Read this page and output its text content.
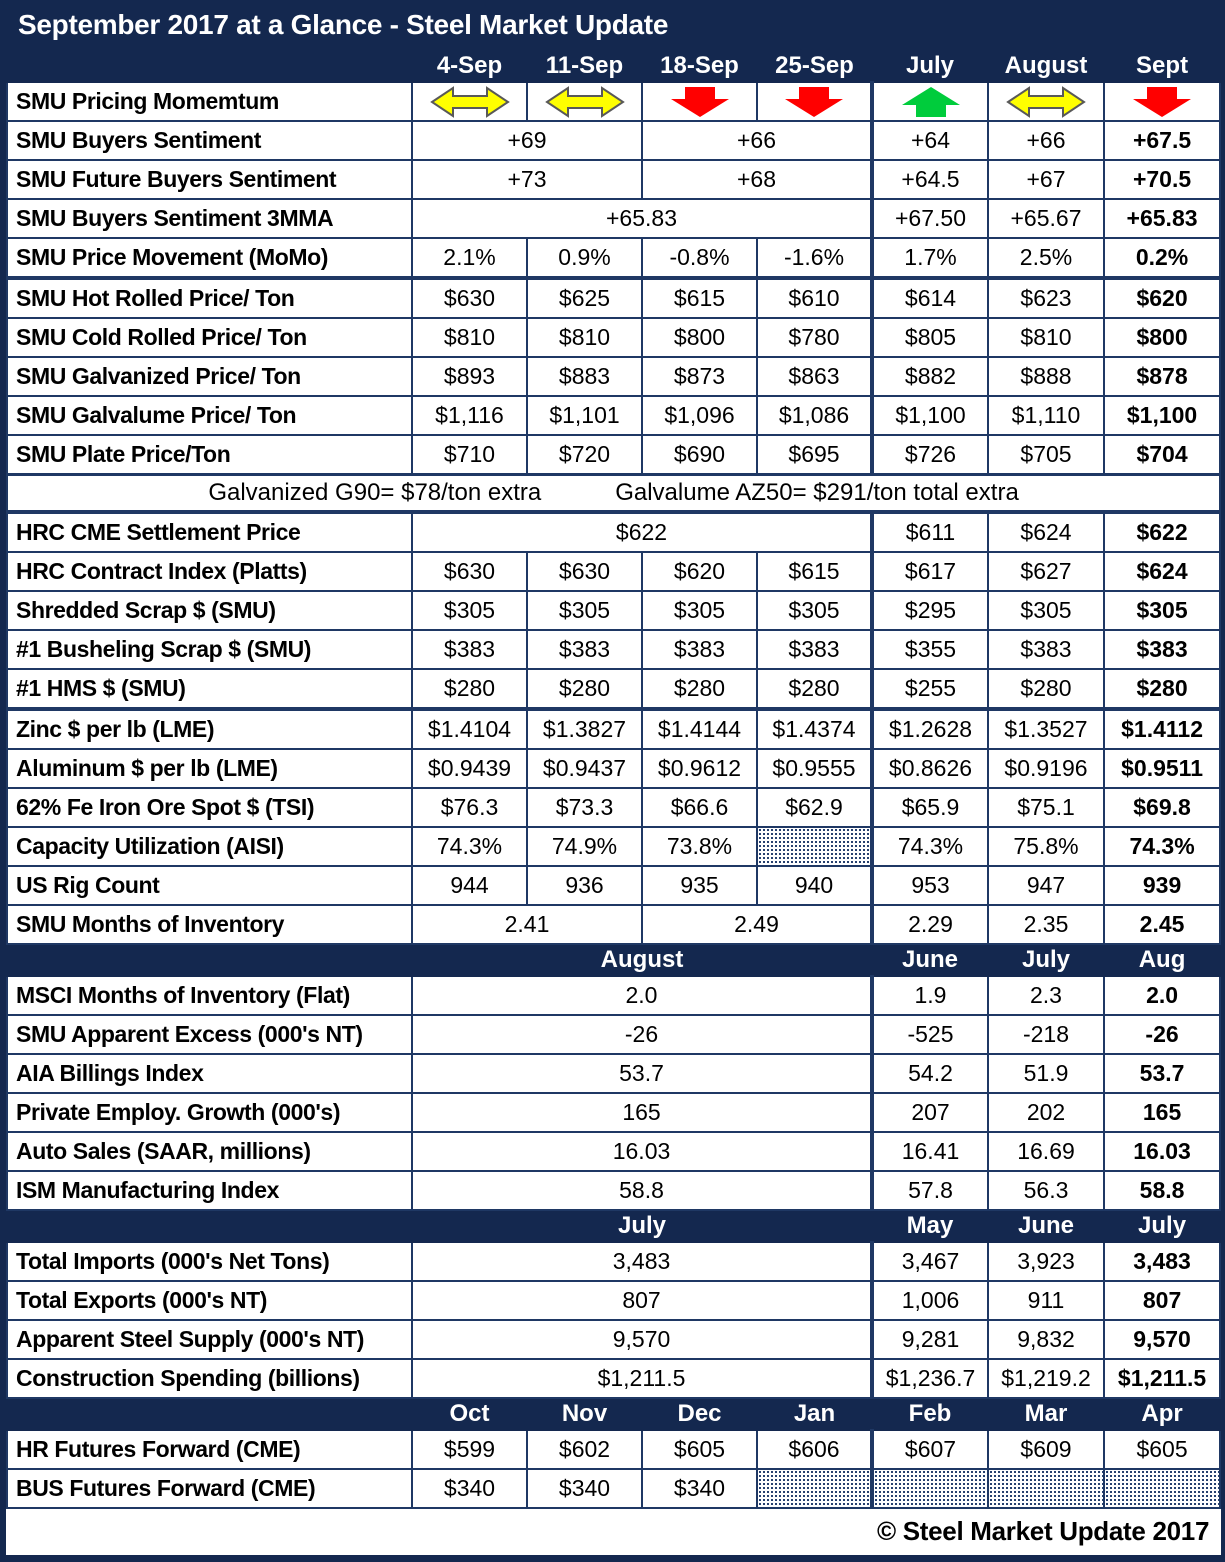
September 2017 at a Glance - Steel Market Update							
	4-Sep	11-Sep	18-Sep	25-Sep	July	August	Sept
SMU Pricing Momemtum							
SMU Buyers Sentiment	+69		+66		+64	+66	+67.5
SMU Future Buyers Sentiment	+73		+68		+64.5	+67	+70.5
SMU Buyers Sentiment 3MMA	+65.83				+67.50	+65.67	+65.83
SMU Price Movement (MoMo)	2.1%	0.9%	-0.8%	-1.6%	1.7%	2.5%	0.2%
SMU Hot Rolled Price/ Ton	$630	$625	$615	$610	$614	$623	$620
SMU Cold Rolled Price/ Ton	$810	$810	$800	$780	$805	$810	$800
SMU Galvanized Price/ Ton	$893	$883	$873	$863	$882	$888	$878
SMU Galvalume Price/ Ton	$1,116	$1,101	$1,096	$1,086	$1,100	$1,110	$1,100
SMU Plate Price/Ton	$710	$720	$690	$695	$726	$705	$704

Galvanized G90= $78/ton extra Galvalume AZ50= $291/ton total extra							

HRC CME Settlement Price	$622				$611	$624	$622
HRC Contract Index (Platts)	$630	$630	$620	$615	$617	$627	$624
Shredded Scrap $ (SMU)	$305	$305	$305	$305	$295	$305	$305
#1 Busheling Scrap $ (SMU)	$383	$383	$383	$383	$355	$383	$383
#1 HMS $ (SMU)	$280	$280	$280	$280	$255	$280	$280
Zinc $ per lb (LME)	$1.4104	$1.3827	$1.4144	$1.4374	$1.2628	$1.3527	$1.4112
Aluminum $ per lb (LME)	$0.9439	$0.9437	$0.9612	$0.9555	$0.8626	$0.9196	$0.9511
62% Fe Iron Ore Spot $ (TSI)	$76.3	$73.3	$66.6	$62.9	$65.9	$75.1	$69.8
Capacity Utilization (AISI)	74.3%	74.9%	73.8%		74.3%	75.8%	74.3%
US Rig Count	944	936	935	940	953	947	939
SMU Months of Inventory	2.41		2.49		2.29	2.35	2.45
	August				June	July	Aug
MSCI Months of Inventory (Flat)	2.0				1.9	2.3	2.0
SMU Apparent Excess (000's NT)	-26				-525	-218	-26
AIA Billings Index	53.7				54.2	51.9	53.7
Private Employ. Growth (000's)	165				207	202	165
Auto Sales (SAAR, millions)	16.03				16.41	16.69	16.03
ISM Manufacturing Index	58.8				57.8	56.3	58.8
	July				May	June	July
Total Imports (000's Net Tons)	3,483				3,467	3,923	3,483
Total Exports (000's NT)	807				1,006	911	807
Apparent Steel Supply (000's NT)	9,570				9,281	9,832	9,570
Construction Spending (billions)	$1,211.5				$1,236.7	$1,219.2	$1,211.5
	Oct	Nov	Dec	Jan	Feb	Mar	Apr
HR Futures Forward (CME)	$599	$602	$605	$606	$607	$609	$605
BUS Futures Forward (CME)	$340	$340	$340				
© Steel Market Update 2017							
